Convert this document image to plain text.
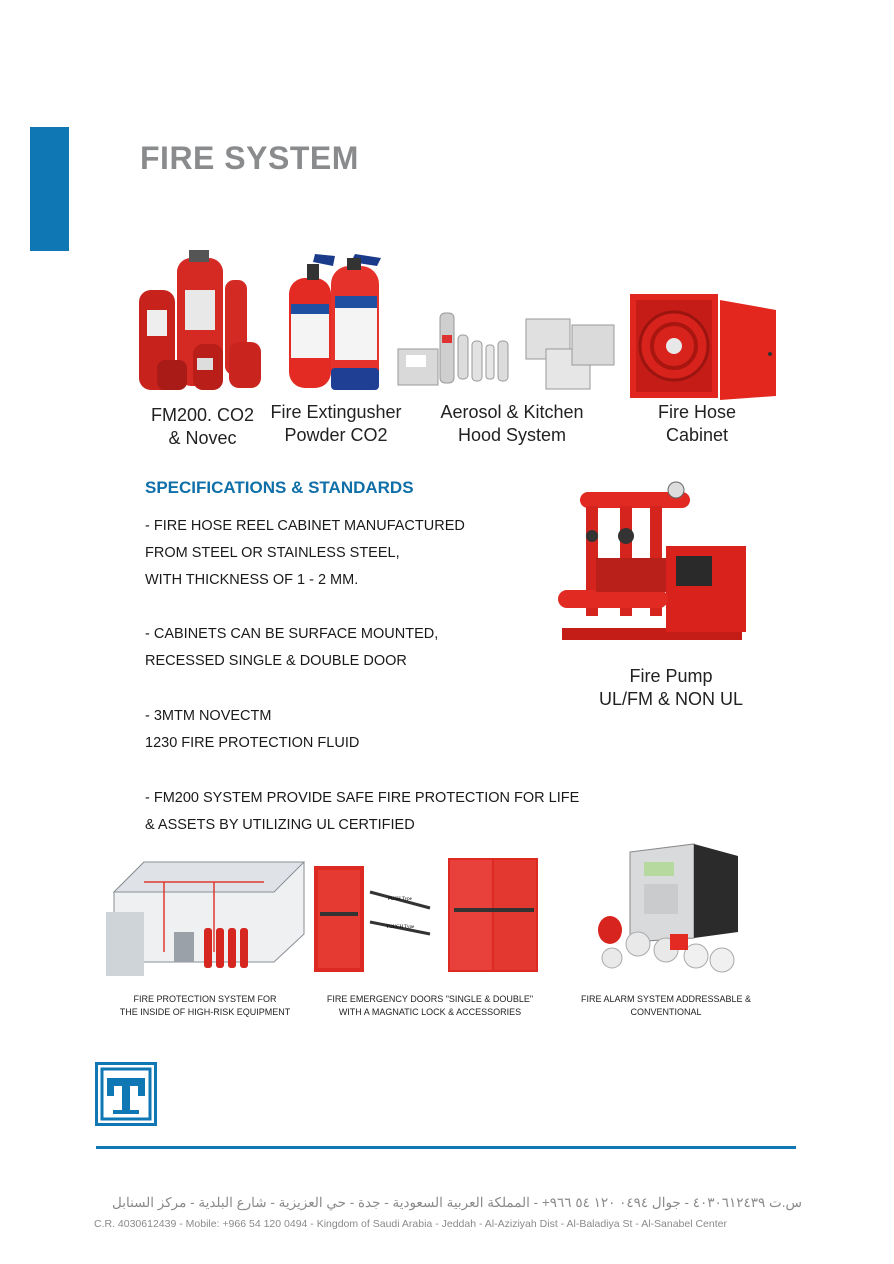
FIRE SYSTEM
FM200. CO2
& Novec
Fire Extingusher
Powder CO2
Aerosol & Kitchen
Hood System
Fire Hose
Cabinet
SPECIFICATIONS & STANDARDS
- FIRE HOSE REEL CABINET MANUFACTURED
FROM STEEL OR STAINLESS STEEL,
WITH THICKNESS OF 1 - 2 MM.
- CABINETS CAN BE SURFACE MOUNTED,
RECESSED SINGLE & DOUBLE DOOR
- 3MTM NOVECTM
1230 FIRE PROTECTION FLUID
- FM200 SYSTEM PROVIDE SAFE FIRE PROTECTION FOR LIFE
& ASSETS BY UTILIZING UL CERTIFIED
Fire Pump
UL/FM & NON UL
PUSH Type
TOUCH Type
FIRE PROTECTION SYSTEM FOR
THE INSIDE OF HIGH-RISK EQUIPMENT
FIRE EMERGENCY DOORS "SINGLE & DOUBLE"
WITH A MAGNATIC LOCK & ACCESSORIES
FIRE ALARM SYSTEM ADDRESSABLE & CONVENTIONAL
س.ت ٤٠٣٠٦١٢٤٣٩ - جوال ٠٤٩٤ ١٢٠ ٥٤ ٩٦٦+ - المملكة العربية السعودية - جدة - حي العزيزية - شارع البلدية - مركز السنابل
C.R. 4030612439 - Mobile: +966 54 120 0494 - Kingdom of Saudi Arabia - Jeddah - Al-Aziziyah Dist - Al-Baladiya St - Al-Sanabel Center
